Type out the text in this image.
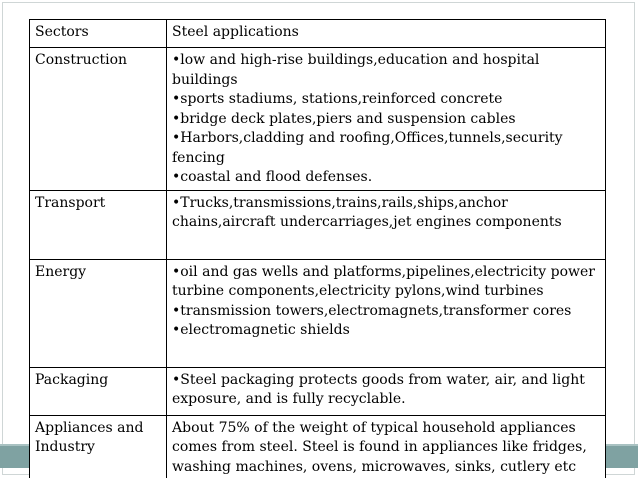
Sectors	Steel applications
Construction	•low and high-rise buildings,education and hospital buildings
•sports stadiums, stations,reinforced concrete
•bridge deck plates,piers and suspension cables
•Harbors,cladding and roofing,Offices,tunnels,security fencing
•coastal and flood defenses.

Transport	•Trucks,transmissions,trains,rails,ships,anchor chains,aircraft undercarriages,jet engines components

Energy	•oil and gas wells and platforms,pipelines,electricity power turbine components,electricity pylons,wind turbines
•transmission towers,electromagnets,transformer cores
•electromagnetic shields

Packaging	•Steel packaging protects goods from water, air, and light exposure, and is fully recyclable.

Appliances and Industry	About 75% of the weight of typical household appliances comes from steel. Steel is found in appliances like fridges, washing machines, ovens, microwaves, sinks, cutlery etc
